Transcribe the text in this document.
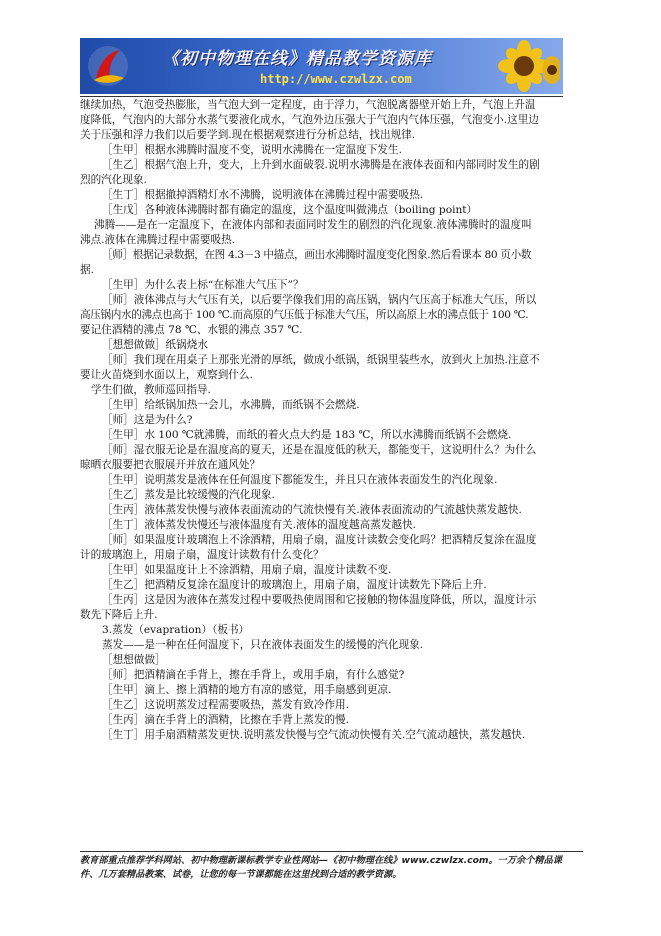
《初中物理在线》精品教学资源库
http://www.czwlzx.com
继续加热，气泡受热膨胀，当气泡大到一定程度，由于浮力，气泡脱离器壁开始上升，气泡上升温
度降低，气泡内的大部分水蒸气要液化成水，气泡外边压强大于气泡内气体压强，气泡变小.这里边
关于压强和浮力我们以后要学到.现在根据观察进行分析总结，找出规律.
［生甲］根据水沸腾时温度不变，说明水沸腾在一定温度下发生.
［生乙］根据气泡上升，变大，上升到水面破裂.说明水沸腾是在液体表面和内部同时发生的剧
烈的汽化现象.
［生丁］根据撤掉酒精灯水不沸腾，说明液体在沸腾过程中需要吸热.
［生戊］各种液体沸腾时都有确定的温度，这个温度叫做沸点（boiling point）
沸腾——是在一定温度下，在液体内部和表面同时发生的剧烈的汽化现象.液体沸腾时的温度叫
沸点.液体在沸腾过程中需要吸热.
［师］根据记录数据，在图 4.3－3 中描点，画出水沸腾时温度变化图象.然后看课本 80 页小数
据.
［生甲］为什么表上标“在标准大气压下”？
［师］液体沸点与大气压有关，以后要学像我们用的高压锅，锅内气压高于标准大气压，所以
高压锅内水的沸点也高于 100 ℃.而高原的气压低于标准大气压，所以高原上水的沸点低于 100 ℃.
要记住酒精的沸点 78 ℃、水银的沸点 357 ℃.
［想想做做］纸锅烧水
［师］我们现在用桌子上那张光滑的厚纸，做成小纸锅，纸锅里装些水，放到火上加热.注意不
要让火苗烧到水面以上，观察到什么.
学生们做，教师巡回指导.
［生甲］给纸锅加热一会儿，水沸腾，而纸锅不会燃烧.
［师］这是为什么?
［生甲］水 100 ℃就沸腾，而纸的着火点大约是 183 ℃，所以水沸腾而纸锅不会燃烧.
［师］湿衣服无论是在温度高的夏天，还是在温度低的秋天，都能变干，这说明什么？为什么
晾晒衣服要把衣服展开并放在通风处？
［生甲］说明蒸发是液体在任何温度下都能发生，并且只在液体表面发生的汽化现象.
［生乙］蒸发是比较缓慢的汽化现象.
［生丙］液体蒸发快慢与液体表面流动的气流快慢有关.液体表面流动的气流越快蒸发越快.
［生丁］液体蒸发快慢还与液体温度有关.液体的温度越高蒸发越快.
［师］如果温度计玻璃泡上不涂酒精，用扇子扇，温度计读数会变化吗？把酒精反复涂在温度
计的玻璃泡上，用扇子扇，温度计读数有什么变化？
［生甲］如果温度计上不涂酒精，用扇子扇，温度计读数不变.
［生乙］把酒精反复涂在温度计的玻璃泡上，用扇子扇，温度计读数先下降后上升.
［生丙］这是因为液体在蒸发过程中要吸热使周围和它接触的物体温度降低，所以，温度计示
数先下降后上升.
3.蒸发（evapration）（板书）
蒸发——是一种在任何温度下，只在液体表面发生的缓慢的汽化现象.
［想想做做］
［师］把酒精滴在手背上，擦在手背上，或用手扇，有什么感觉?
［生甲］滴上、擦上酒精的地方有凉的感觉，用手扇感到更凉.
［生乙］这说明蒸发过程需要吸热，蒸发有致冷作用.
［生丙］滴在手背上的酒精，比擦在手背上蒸发的慢.
［生丁］用手扇酒精蒸发更快.说明蒸发快慢与空气流动快慢有关.空气流动越快，蒸发越快.
教育部重点推荐学科网站、初中物理新课标教学专业性网站—《初中物理在线》www.czwlzx.com。一万余个精品课
件、几万套精品教案、试卷，让您的每一节课都能在这里找到合适的教学资源。
